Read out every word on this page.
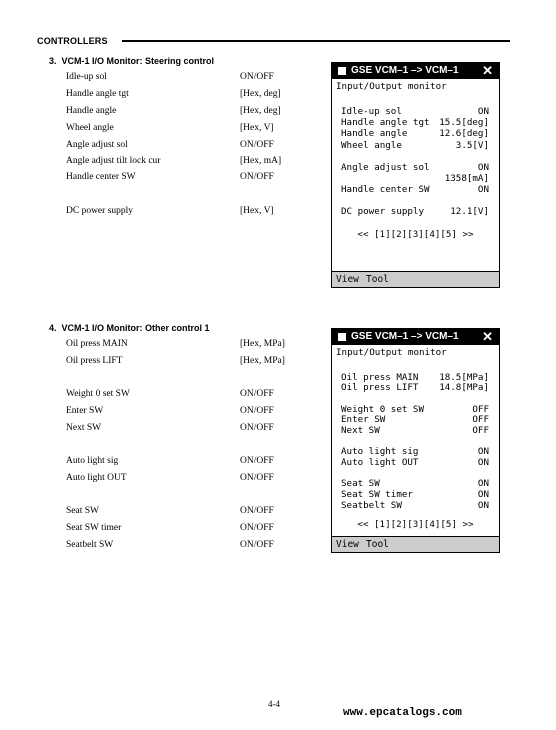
CONTROLLERS
3. VCM-1 I/O Monitor: Steering control
Idle-up sol	ON/OFF
Handle angle tgt	[Hex, deg]
Handle angle	[Hex, deg]
Wheel angle	[Hex, V]
Angle adjust sol	ON/OFF
Angle adjust tilt lock cur	[Hex, mA]
Handle center SW	ON/OFF
DC power supply	[Hex, V]
GSE VCM–1 –> VCM–1 ✕
Input/Output monitor
Idle-up sol	ON
Handle angle tgt 15.5[deg]
Handle angle	12.6[deg]
Wheel angle	3.5[V]
Angle adjust sol	ON
1358[mA]
Handle center SW	ON
DC power supply	12.1[V]
<< [1][2][3][4][5] >>
View Tool
4. VCM-1 I/O Monitor: Other control 1
Oil press MAIN	[Hex, MPa]
Oil press LIFT	[Hex, MPa]
Weight 0 set SW	ON/OFF
Enter SW	ON/OFF
Next SW	ON/OFF
Auto light sig	ON/OFF
Auto light OUT	ON/OFF
Seat SW	ON/OFF
Seat SW timer	ON/OFF
Seatbelt SW	ON/OFF
GSE VCM–1 –> VCM–1 ✕
Input/Output monitor
Oil press MAIN 18.5[MPa]
Oil press LIFT 14.8[MPa]
Weight 0 set SW	OFF
Enter SW	OFF
Next SW	OFF
Auto light sig	ON
Auto light OUT	ON
Seat SW	ON
Seat SW timer	ON
Seatbelt SW	ON
<< [1][2][3][4][5] >>
View Tool
4-4
www.epcatalogs.com
